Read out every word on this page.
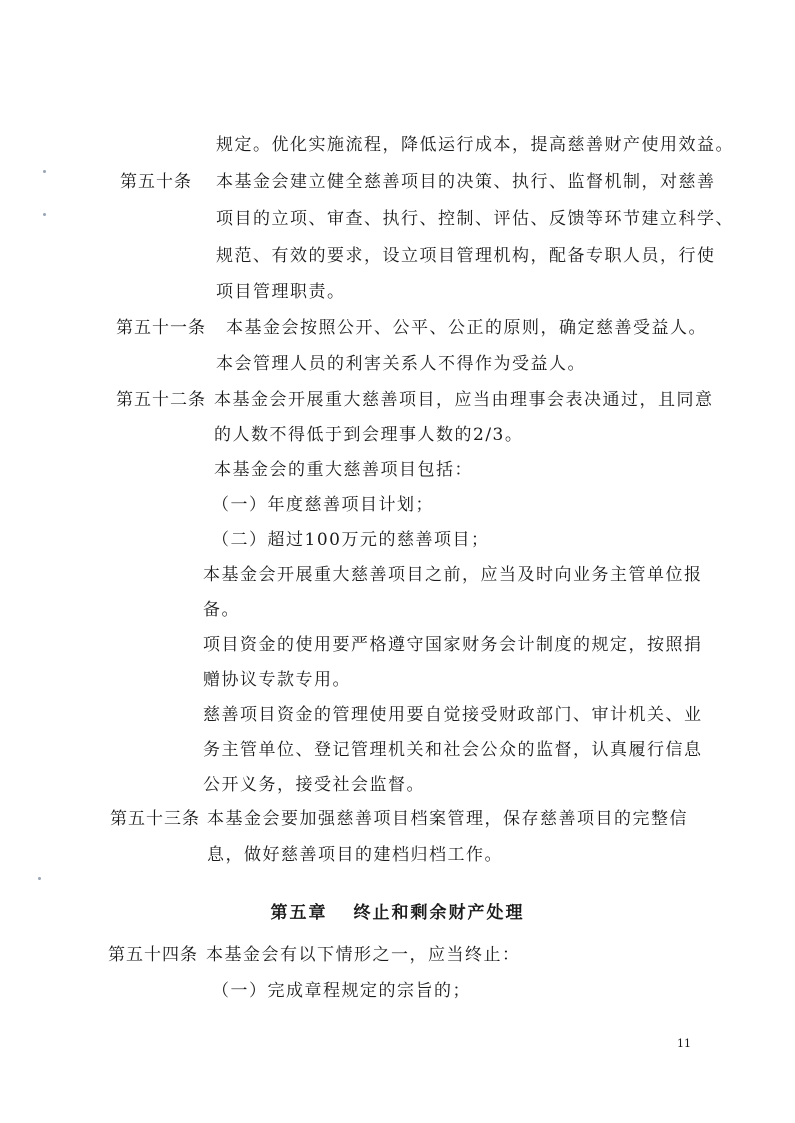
规定。优化实施流程，降低运行成本，提高慈善财产使用效益。
第五十条 本基金会建立健全慈善项目的决策、执行、监督机制，对慈善
项目的立项、审查、执行、控制、评估、反馈等环节建立科学、
规范、有效的要求，设立项目管理机构，配备专职人员，行使
项目管理职责。
第五十一条 本基金会按照公开、公平、公正的原则，确定慈善受益人。
本会管理人员的利害关系人不得作为受益人。
第五十二条 本基金会开展重大慈善项目，应当由理事会表决通过，且同意
的人数不得低于到会理事人数的2/3。
本基金会的重大慈善项目包括：
（一）年度慈善项目计划；
（二）超过100万元的慈善项目；
本基金会开展重大慈善项目之前，应当及时向业务主管单位报
备。
项目资金的使用要严格遵守国家财务会计制度的规定，按照捐
赠协议专款专用。
慈善项目资金的管理使用要自觉接受财政部门、审计机关、业
务主管单位、登记管理机关和社会公众的监督，认真履行信息
公开义务，接受社会监督。
第五十三条 本基金会要加强慈善项目档案管理，保存慈善项目的完整信
息，做好慈善项目的建档归档工作。
第五章 终止和剩余财产处理
第五十四条 本基金会有以下情形之一，应当终止：
（一）完成章程规定的宗旨的；
11
